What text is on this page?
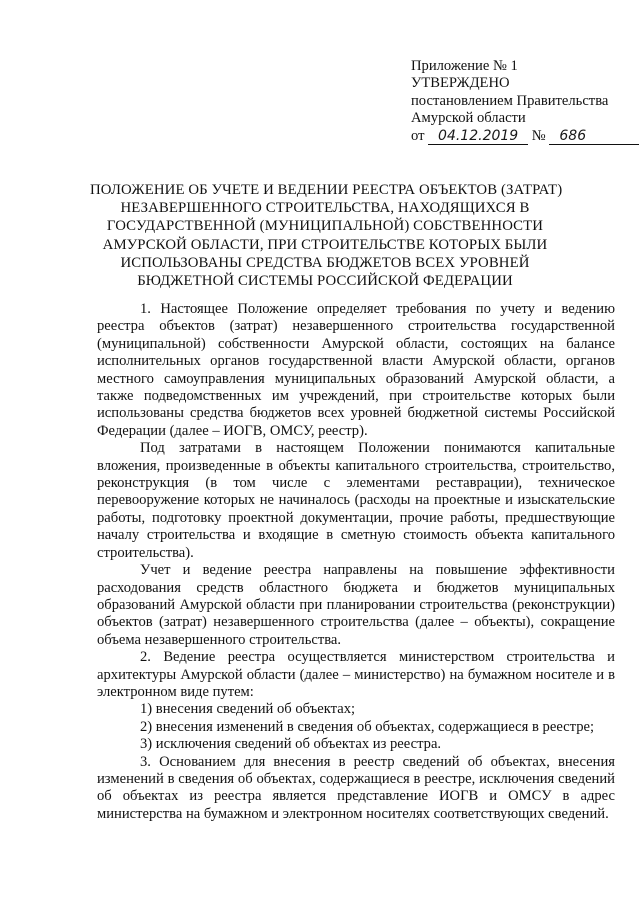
Приложение № 1
УТВЕРЖДЕНО
постановлением Правительства
Амурской области
от 04.12.2019 № 686
ПОЛОЖЕНИЕ ОБ УЧЕТЕ И ВЕДЕНИИ РЕЕСТРА ОБЪЕКТОВ (ЗАТРАТ)
НЕЗАВЕРШЕННОГО СТРОИТЕЛЬСТВА, НАХОДЯЩИХСЯ В
ГОСУДАРСТВЕННОЙ (МУНИЦИПАЛЬНОЙ) СОБСТВЕННОСТИ
АМУРСКОЙ ОБЛАСТИ, ПРИ СТРОИТЕЛЬСТВЕ КОТОРЫХ БЫЛИ
ИСПОЛЬЗОВАНЫ СРЕДСТВА БЮДЖЕТОВ ВСЕХ УРОВНЕЙ
БЮДЖЕТНОЙ СИСТЕМЫ РОССИЙСКОЙ ФЕДЕРАЦИИ

1. Настоящее Положение определяет требования по учету и ведению реестра объектов (затрат) незавершенного строительства государственной (муниципальной) собственности Амурской области, состоящих на балансе исполнительных органов государственной власти Амурской области, органов местного самоуправления муниципальных образований Амурской области, а также подведомственных им учреждений, при строительстве которых были использованы средства бюджетов всех уровней бюджетной системы Российской Федерации (далее – ИОГВ, ОМСУ, реестр).

Под затратами в настоящем Положении понимаются капитальные вложения, произведенные в объекты капитального строительства, строительство, реконструкция (в том числе с элементами реставрации), техническое перевооружение которых не начиналось (расходы на проектные и изыскательские работы, подготовку проектной документации, прочие работы, предшествующие началу строительства и входящие в сметную стоимость объекта капитального строительства).

Учет и ведение реестра направлены на повышение эффективности расходования средств областного бюджета и бюджетов муниципальных образований Амурской области при планировании строительства (реконструкции) объектов (затрат) незавершенного строительства (далее – объекты), сокращение объема незавершенного строительства.

2. Ведение реестра осуществляется министерством строительства и архитектуры Амурской области (далее – министерство) на бумажном носителе и в электронном виде путем:

1) внесения сведений об объектах;

2) внесения изменений в сведения об объектах, содержащиеся в реестре;

3) исключения сведений об объектах из реестра.

3. Основанием для внесения в реестр сведений об объектах, внесения изменений в сведения об объектах, содержащиеся в реестре, исключения сведений об объектах из реестра является представление ИОГВ и ОМСУ в адрес министерства на бумажном и электронном носителях соответствующих сведений.
